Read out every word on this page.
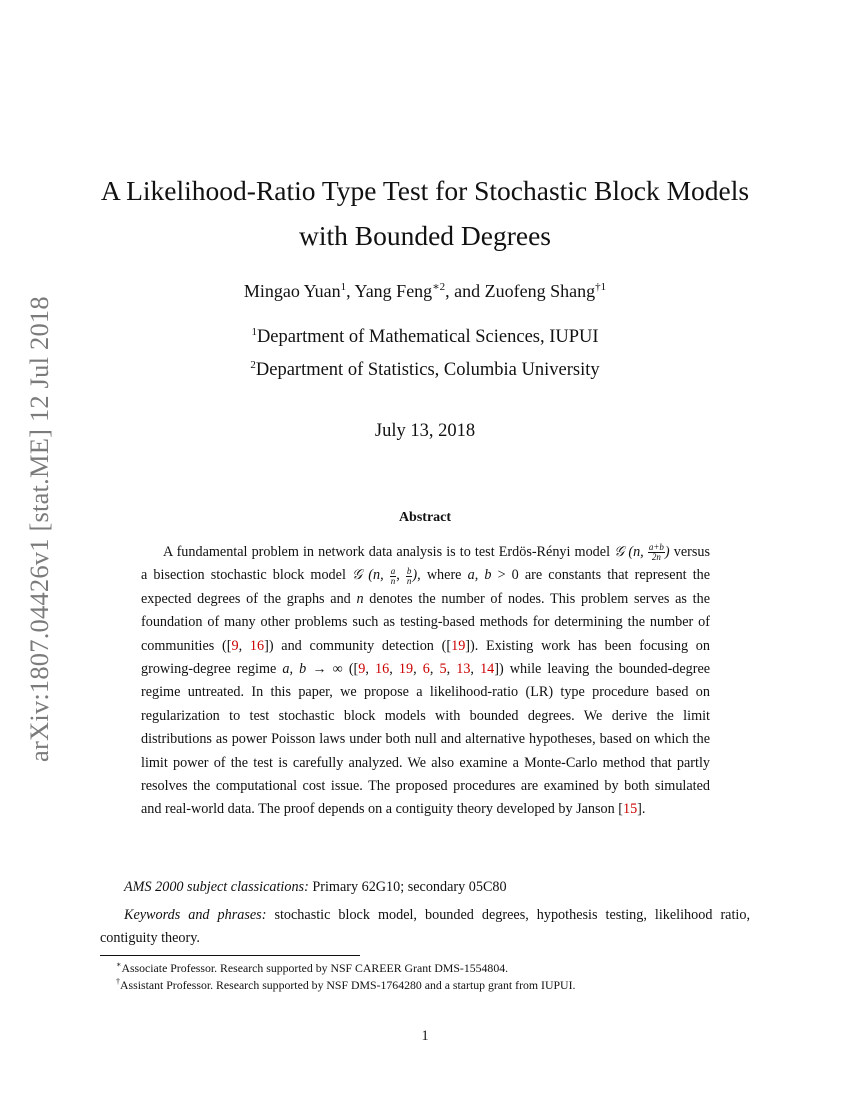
arXiv:1807.04426v1 [stat.ME] 12 Jul 2018
A Likelihood-Ratio Type Test for Stochastic Block Models with Bounded Degrees
Mingao Yuan$^1$, Yang Feng$^{∗2}$, and Zuofeng Shang$^{\dagger 1}$
$^1$Department of Mathematical Sciences, IUPUI
$^2$Department of Statistics, Columbia University
July 13, 2018
Abstract

A fundamental problem in network data analysis is to test Erdös-Rényi model 𝒢 (n, $\frac{a+b}{2n}$ ) versus a bisection stochastic block model 𝒢 (n, $\frac{a}{n}$ , $\frac{b}{n}$ ), where a, b > 0 are constants that represent the expected degrees of the graphs and n denotes the number of nodes. This problem serves as the foundation of many other problems such as testing-based methods for determining the number of communities ([9, 16]) and community detection ([19]). Existing work has been focusing on growing-degree regime a, b → ∞ ([9, 16, 19, 6, 5, 13, 14]) while leaving the bounded-degree regime untreated. In this paper, we propose a likelihood-ratio (LR) type procedure based on regularization to test stochastic block models with bounded degrees. We derive the limit distributions as power Poisson laws under both null and alternative hypotheses, based on which the limit power of the test is carefully analyzed. We also examine a Monte-Carlo method that partly resolves the computational cost issue. The proposed procedures are examined by both simulated and real-world data. The proof depends on a contiguity theory developed by Janson [15].

AMS 2000 subject classications: Primary 62G10; secondary 05C80

Keywords and phrases: stochastic block model, bounded degrees, hypothesis testing, likelihood ratio, contiguity theory.

∗Associate Professor. Research supported by NSF CAREER Grant DMS-1554804.
†Assistant Professor. Research supported by NSF DMS-1764280 and a startup grant from IUPUI.
1
